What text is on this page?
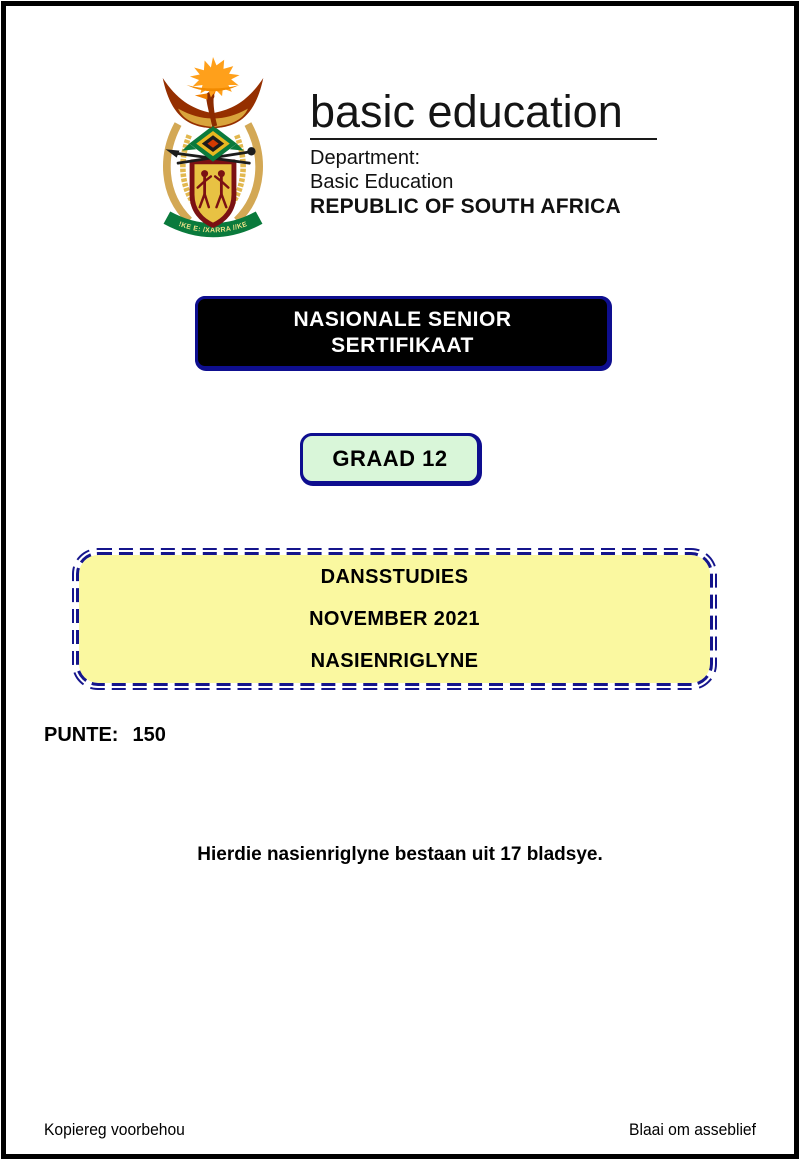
!KE E: /XARRA //KE
basic education
Department:
Basic Education
REPUBLIC OF SOUTH AFRICA
NASIONALE SENIOR
SERTIFIKAAT
GRAAD 12
DANSSTUDIES
NOVEMBER 2021
NASIENRIGLYNE
PUNTE: 150
Hierdie nasienriglyne bestaan uit 17 bladsye.
Kopiereg voorbehou	Blaai om asseblief
